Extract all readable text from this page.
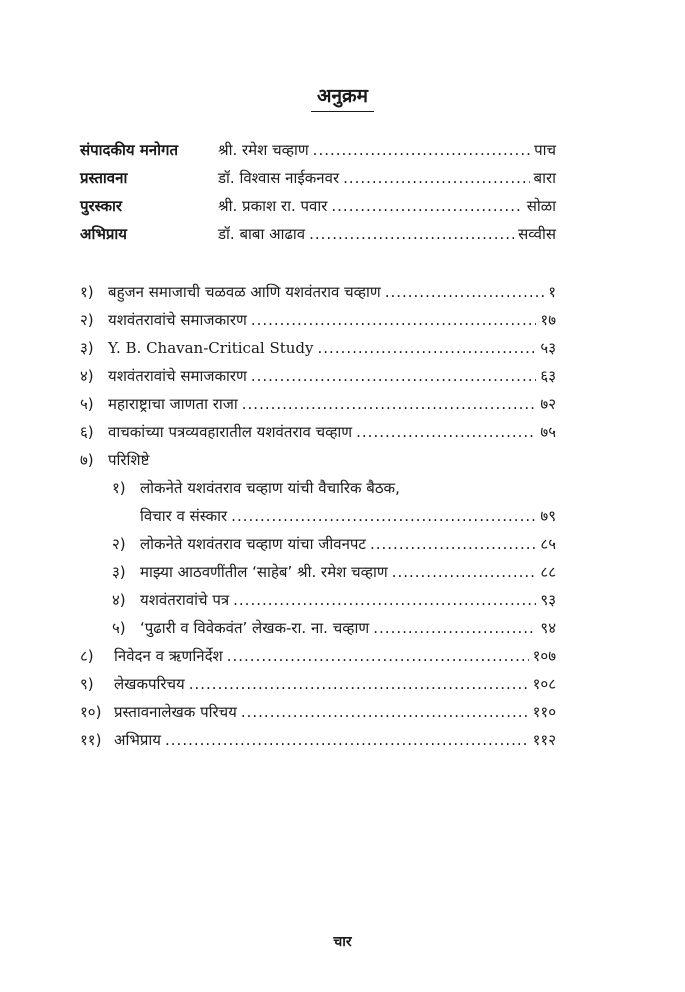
अनुक्रम
संपादकीय मनोगत	श्री. रमेश चव्हाण .....	पाच
प्रस्तावना	डॉ. विश्वास नाईकनवर .....	बारा
पुरस्कार	श्री. प्रकाश रा. पवार .....	सोळा
अभिप्राय	डॉ. बाबा आढाव .....	सव्वीस
१) बहुजन समाजाची चळवळ आणि यशवंतराव चव्हाण .....	१
२) यशवंतरावांचे समाजकारण .....	१७
३) Y. B. Chavan-Critical Study .....	५३
४) यशवंतरावांचे समाजकारण .....	६३
५) महाराष्ट्राचा जाणता राजा .....	७२
६) वाचकांच्या पत्रव्यवहारातील यशवंतराव चव्हाण .....	७५
७) परिशिष्टे
१) लोकनेते यशवंतराव चव्हाण यांची वैचारिक बैठक,
विचार व संस्कार .....	७९
२) लोकनेते यशवंतराव चव्हाण यांचा जीवनपट .....	८५
३) माझ्या आठवणींतील ‘साहेब’ श्री. रमेश चव्हाण .....	८८
४) यशवंतरावांचे पत्र .....	९३
५) ‘पुढारी व विवेकवंत’ लेखक-रा. ना. चव्हाण .....	९४
८)	निवेदन व ऋणनिर्देश .....	१०७
९)	लेखकपरिचय .....	१०८
१०) प्रस्तावनालेखक परिचय .....	११०
११) अभिप्राय .....	११२
चार
